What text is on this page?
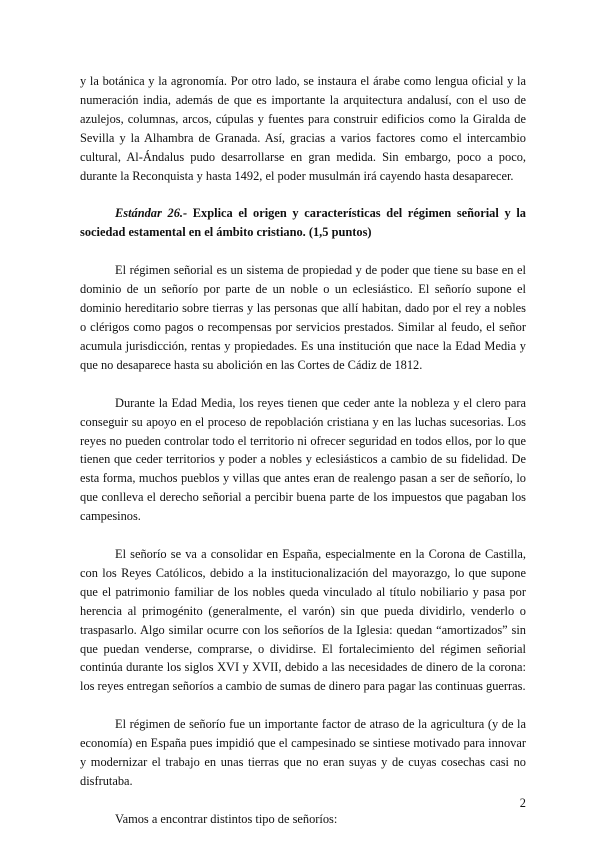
y la botánica y la agronomía. Por otro lado, se instaura el árabe como lengua oficial y la numeración india, además de que es importante la arquitectura andalusí, con el uso de azulejos, columnas, arcos, cúpulas y fuentes para construir edificios como la Giralda de Sevilla y la Alhambra de Granada. Así, gracias a varios factores como el intercambio cultural, Al-Ándalus pudo desarrollarse en gran medida. Sin embargo, poco a poco, durante la Reconquista y hasta 1492, el poder musulmán irá cayendo hasta desaparecer.

Estándar 26.- Explica el origen y características del régimen señorial y la sociedad estamental en el ámbito cristiano. (1,5 puntos)

El régimen señorial es un sistema de propiedad y de poder que tiene su base en el dominio de un señorío por parte de un noble o un eclesiástico. El señorío supone el dominio hereditario sobre tierras y las personas que allí habitan, dado por el rey a nobles o clérigos como pagos o recompensas por servicios prestados. Similar al feudo, el señor acumula jurisdicción, rentas y propiedades. Es una institución que nace la Edad Media y que no desaparece hasta su abolición en las Cortes de Cádiz de 1812.

Durante la Edad Media, los reyes tienen que ceder ante la nobleza y el clero para conseguir su apoyo en el proceso de repoblación cristiana y en las luchas sucesorias. Los reyes no pueden controlar todo el territorio ni ofrecer seguridad en todos ellos, por lo que tienen que ceder territorios y poder a nobles y eclesiásticos a cambio de su fidelidad. De esta forma, muchos pueblos y villas que antes eran de realengo pasan a ser de señorío, lo que conlleva el derecho señorial a percibir buena parte de los impuestos que pagaban los campesinos.

El señorío se va a consolidar en España, especialmente en la Corona de Castilla, con los Reyes Católicos, debido a la institucionalización del mayorazgo, lo que supone que el patrimonio familiar de los nobles queda vinculado al título nobiliario y pasa por herencia al primogénito (generalmente, el varón) sin que pueda dividirlo, venderlo o traspasarlo. Algo similar ocurre con los señoríos de la Iglesia: quedan “amortizados” sin que puedan venderse, comprarse, o dividirse. El fortalecimiento del régimen señorial continúa durante los siglos XVI y XVII, debido a las necesidades de dinero de la corona: los reyes entregan señoríos a cambio de sumas de dinero para pagar las continuas guerras.

El régimen de señorío fue un importante factor de atraso de la agricultura (y de la economía) en España pues impidió que el campesinado se sintiese motivado para innovar y modernizar el trabajo en unas tierras que no eran suyas y de cuyas cosechas casi no disfrutaba.

Vamos a encontrar distintos tipo de señoríos:

2
